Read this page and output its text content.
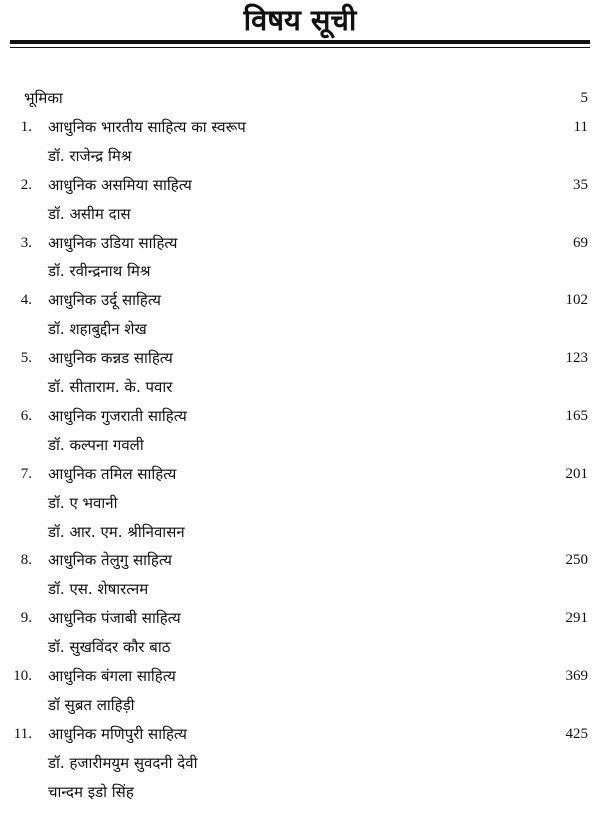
विषय सूची
भूमिका	5
1. आधुनिक भारतीय साहित्य का स्वरूप	11
डॉ. राजेन्द्र मिश्र
2. आधुनिक असमिया साहित्य	35
डॉ. असीम दास
3. आधुनिक उडिया साहित्य	69
डॉ. रवीन्द्रनाथ मिश्र
4. आधुनिक उर्दू साहित्य	102
डॉ. शहाबुद्दीन शेख
5. आधुनिक कन्नड साहित्य	123
डॉ. सीताराम. के. पवार
6. आधुनिक गुजराती साहित्य	165
डॉ. कल्पना गवली
7. आधुनिक तमिल साहित्य	201
डॉ. ए भवानी
डॉ. आर. एम. श्रीनिवासन
8. आधुनिक तेलुगु साहित्य	250
डॉ. एस. शेषारत्नम
9. आधुनिक पंजाबी साहित्य	291
डॉ. सुखविंदर कौर बाठ
10. आधुनिक बंगला साहित्य	369
डॉ सुब्रत लाहिड़ी
11. आधुनिक मणिपुरी साहित्य	425
डॉ. हजारीमयुम सुवदनी देवी
चान्दम इडो सिंह
